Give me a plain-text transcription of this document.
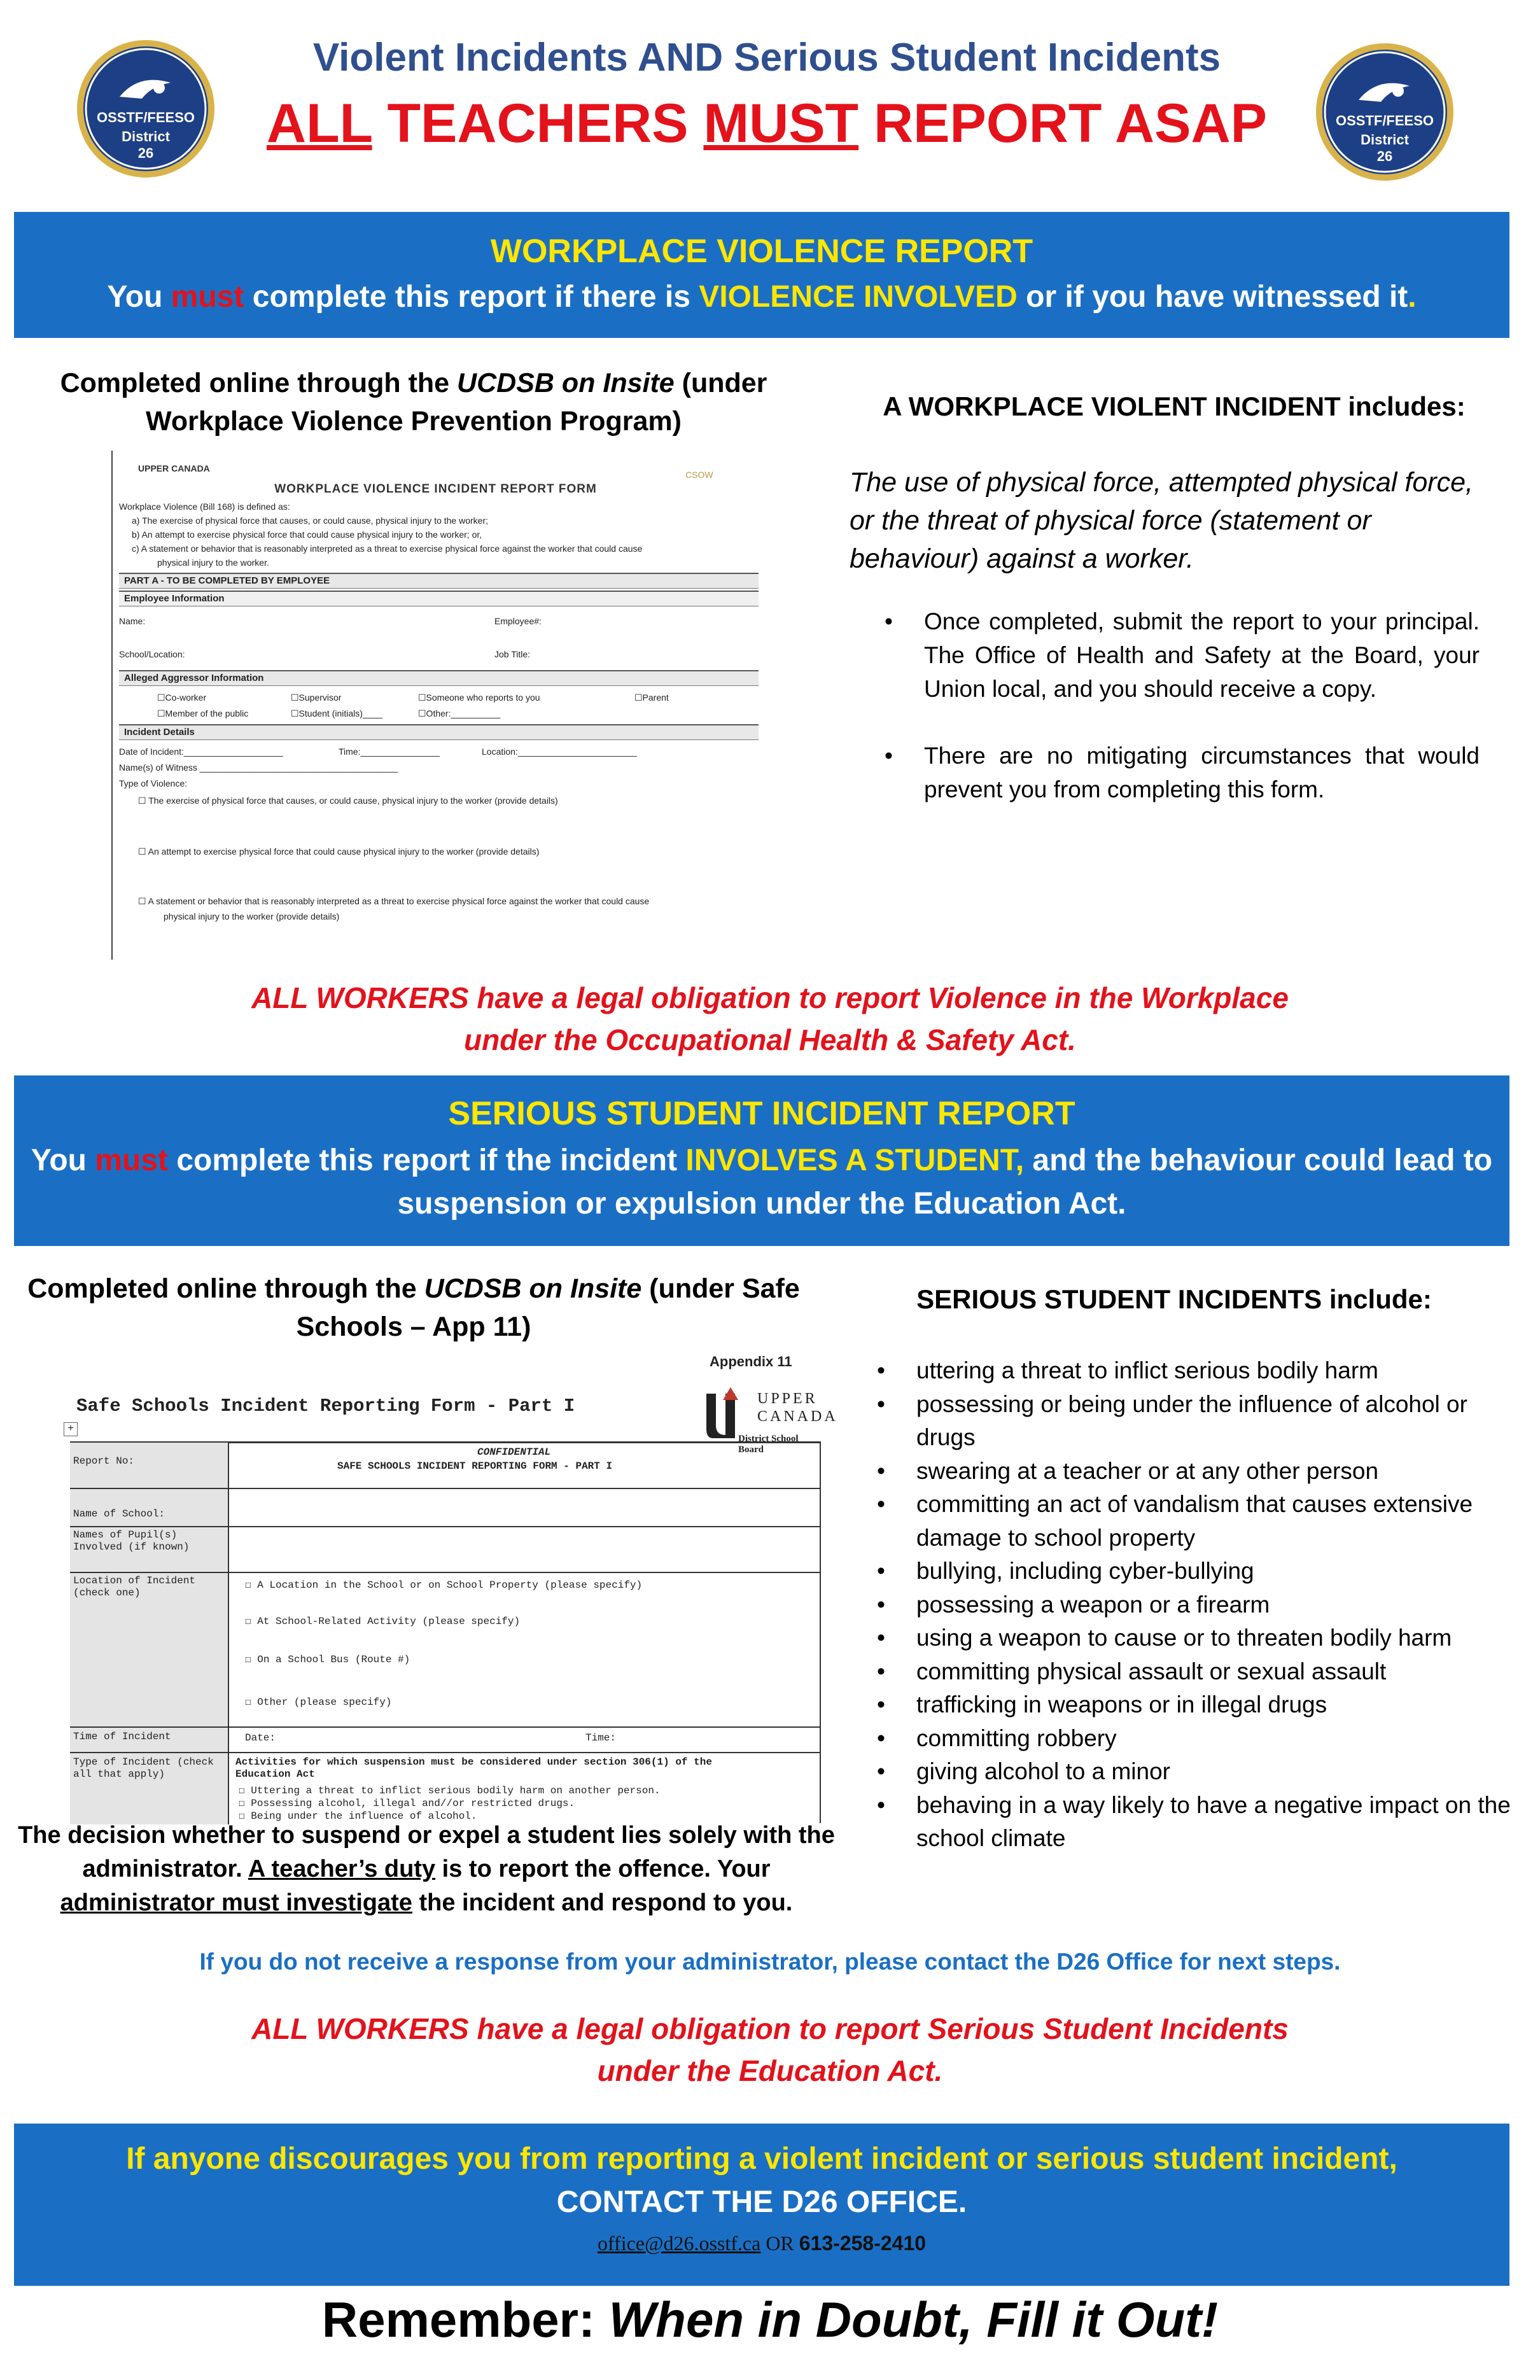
OSSTF/FEESO
District
26
OSSTF/FEESO
District
26
Violent Incidents AND Serious Student Incidents
ALL TEACHERS MUST REPORT ASAP
WORKPLACE VIOLENCE REPORT
You must complete this report if there is VIOLENCE INVOLVED or if you have witnessed it.
Completed online through the UCDSB on Insite (under
Workplace Violence Prevention Program)
UPPER CANADA
CSOW
WORKPLACE VIOLENCE INCIDENT REPORT FORM
Workplace Violence (Bill 168) is defined as:
a) The exercise of physical force that causes, or could cause, physical injury to the worker;
b) An attempt to exercise physical force that could cause physical injury to the worker; or,
c) A statement or behavior that is reasonably interpreted as a threat to exercise physical force against the worker that could cause
physical injury to the worker.
PART A - TO BE COMPLETED BY EMPLOYEE
Employee Information
Name:	Employee#:
School/Location:	Job Title:
Alleged Aggressor Information
☐Co-worker	☐Supervisor	☐Someone who reports to you	☐Parent
☐Member of the public	☐Student (initials)____	☐Other:__________
Incident Details
Date of Incident:____________________	Time:________________	Location:________________________
Name(s) of Witness ________________________________________
Type of Violence:
☐ The exercise of physical force that causes, or could cause, physical injury to the worker (provide details)
☐ An attempt to exercise physical force that could cause physical injury to the worker (provide details)
☐ A statement or behavior that is reasonably interpreted as a threat to exercise physical force against the worker that could cause
physical injury to the worker (provide details)
A WORKPLACE VIOLENT INCIDENT includes:
The use of physical force, attempted physical force, or the threat of physical force (statement or behaviour) against a worker.
• Once completed, submit the report to your principal. The Office of Health and Safety at the Board, your Union local, and you should receive a copy.
• There are no mitigating circumstances that would prevent you from completing this form.
ALL WORKERS have a legal obligation to report Violence in the Workplace
under the Occupational Health & Safety Act.
SERIOUS STUDENT INCIDENT REPORT
You must complete this report if the incident INVOLVES A STUDENT, and the behaviour could lead to
suspension or expulsion under the Education Act.
Completed online through the UCDSB on Insite (under Safe
Schools – App 11)
Appendix 11
Safe Schools Incident Reporting Form - Part I	UPPER
CANADA
District School Board
+
CONFIDENTIAL
SAFE SCHOOLS INCIDENT REPORTING FORM - PART I
Report No:
Name of School:
Names of Pupil(s) Involved (if known)
Location of Incident (check one)
☐ A Location in the School or on School Property (please specify)
☐ At School-Related Activity (please specify)
☐ On a School Bus (Route #)
☐ Other (please specify)
Time of Incident	Date:	Time:
Type of Incident (check all that apply)
Activities for which suspension must be considered under section 306(1) of the Education Act
☐ Uttering a threat to inflict serious bodily harm on another person.
☐ Possessing alcohol, illegal and//or restricted drugs.
☐ Being under the influence of alcohol.
The decision whether to suspend or expel a student lies solely with the
administrator. A teacher’s duty is to report the offence. Your
administrator must investigate the incident and respond to you.
SERIOUS STUDENT INCIDENTS include:
• uttering a threat to inflict serious bodily harm
• possessing or being under the influence of alcohol or drugs
• swearing at a teacher or at any other person
• committing an act of vandalism that causes extensive damage to school property
• bullying, including cyber-bullying
• possessing a weapon or a firearm
• using a weapon to cause or to threaten bodily harm
• committing physical assault or sexual assault
• trafficking in weapons or in illegal drugs
• committing robbery
• giving alcohol to a minor
• behaving in a way likely to have a negative impact on the school climate
If you do not receive a response from your administrator, please contact the D26 Office for next steps.
ALL WORKERS have a legal obligation to report Serious Student Incidents
under the Education Act.
If anyone discourages you from reporting a violent incident or serious student incident,
CONTACT THE D26 OFFICE.
office@d26.osstf.ca OR 613-258-2410
Remember: When in Doubt, Fill it Out!
